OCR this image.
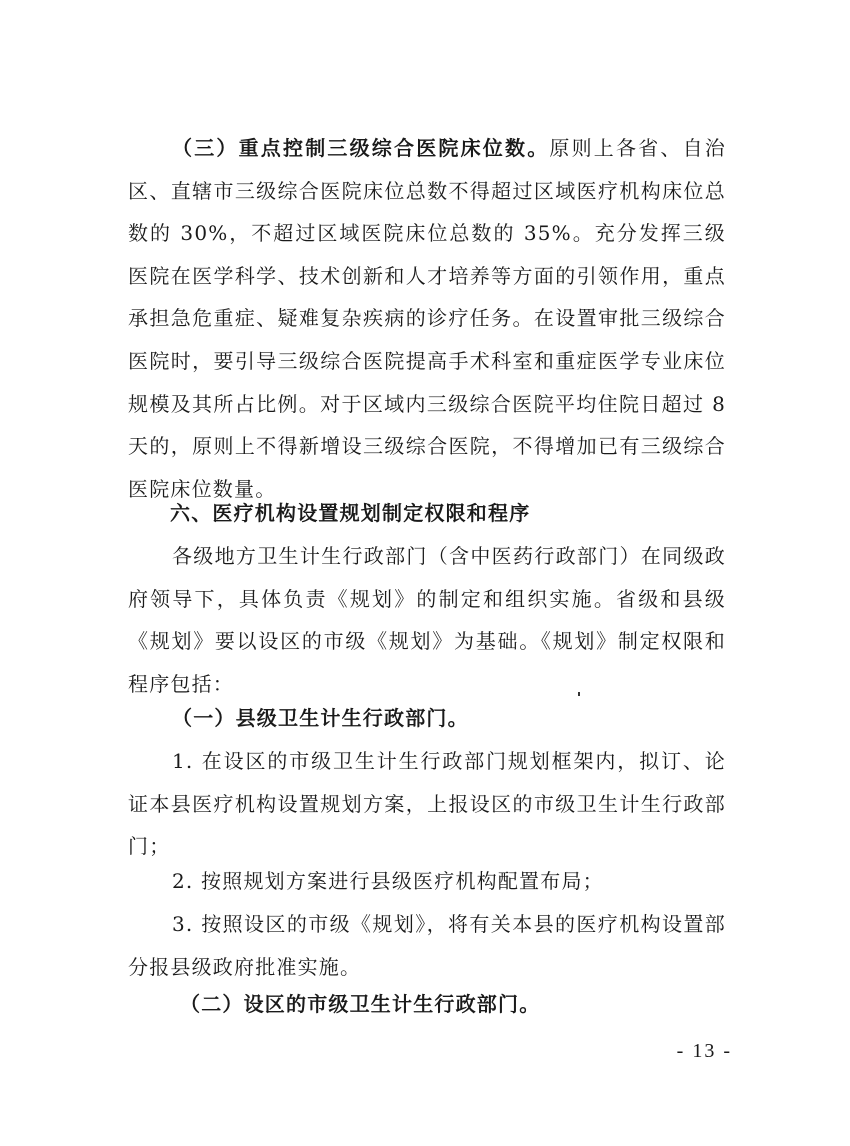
（三）重点控制三级综合医院床位数。原则上各省、自治区、直辖市三级综合医院床位总数不得超过区域医疗机构床位总数的 30%，不超过区域医院床位总数的 35%。充分发挥三级医院在医学科学、技术创新和人才培养等方面的引领作用，重点承担急危重症、疑难复杂疾病的诊疗任务。在设置审批三级综合医院时，要引导三级综合医院提高手术科室和重症医学专业床位规模及其所占比例。对于区域内三级综合医院平均住院日超过 8 天的，原则上不得新增设三级综合医院，不得增加已有三级综合医院床位数量。

六、医疗机构设置规划制定权限和程序

各级地方卫生计生行政部门（含中医药行政部门）在同级政府领导下，具体负责《规划》的制定和组织实施。省级和县级《规划》要以设区的市级《规划》为基础。《规划》制定权限和程序包括：

（一）县级卫生计生行政部门。

1. 在设区的市级卫生计生行政部门规划框架内，拟订、论证本县医疗机构设置规划方案，上报设区的市级卫生计生行政部门；

2. 按照规划方案进行县级医疗机构配置布局；

3. 按照设区的市级《规划》，将有关本县的医疗机构设置部分报县级政府批准实施。

（二）设区的市级卫生计生行政部门。

- 13 -
